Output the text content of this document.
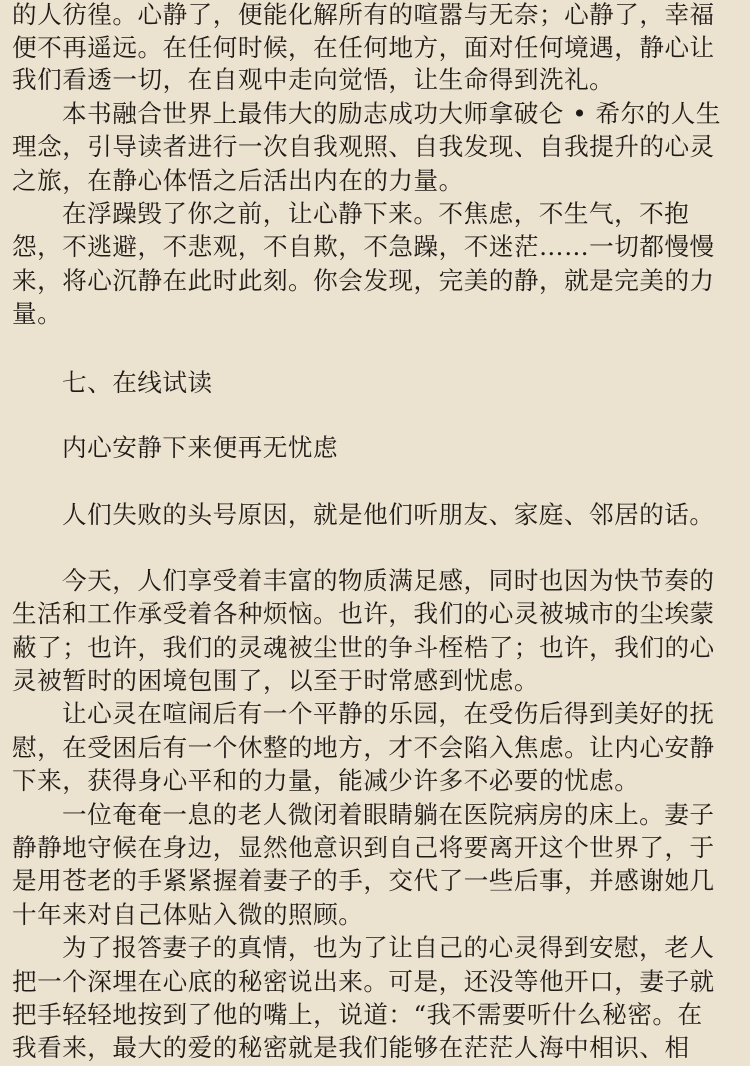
的人彷徨。心静了，便能化解所有的喧嚣与无奈；心静了，幸福
便不再遥远。在任何时候，在任何地方，面对任何境遇，静心让
我们看透一切，在自观中走向觉悟，让生命得到洗礼。
本书融合世界上最伟大的励志成功大师拿破仑 • 希尔的人生
理念，引导读者进行一次自我观照、自我发现、自我提升的心灵
之旅，在静心体悟之后活出内在的力量。
在浮躁毁了你之前，让心静下来。不焦虑，不生气，不抱
怨，不逃避，不悲观，不自欺，不急躁，不迷茫……一切都慢慢
来，将心沉静在此时此刻。你会发现，完美的静，就是完美的力
量。
七、在线试读
内心安静下来便再无忧虑
人们失败的头号原因，就是他们听朋友、家庭、邻居的话。
今天，人们享受着丰富的物质满足感，同时也因为快节奏的
生活和工作承受着各种烦恼。也许，我们的心灵被城市的尘埃蒙
蔽了；也许，我们的灵魂被尘世的争斗桎梏了；也许，我们的心
灵被暂时的困境包围了，以至于时常感到忧虑。
让心灵在喧闹后有一个平静的乐园，在受伤后得到美好的抚
慰，在受困后有一个休整的地方，才不会陷入焦虑。让内心安静
下来，获得身心平和的力量，能减少许多不必要的忧虑。
一位奄奄一息的老人微闭着眼睛躺在医院病房的床上。妻子
静静地守候在身边，显然他意识到自己将要离开这个世界了，于
是用苍老的手紧紧握着妻子的手，交代了一些后事，并感谢她几
十年来对自己体贴入微的照顾。
为了报答妻子的真情，也为了让自己的心灵得到安慰，老人
把一个深埋在心底的秘密说出来。可是，还没等他开口，妻子就
把手轻轻地按到了他的嘴上，说道：“我不需要听什么秘密。在
我看来，最大的爱的秘密就是我们能够在茫茫人海中相识、相
